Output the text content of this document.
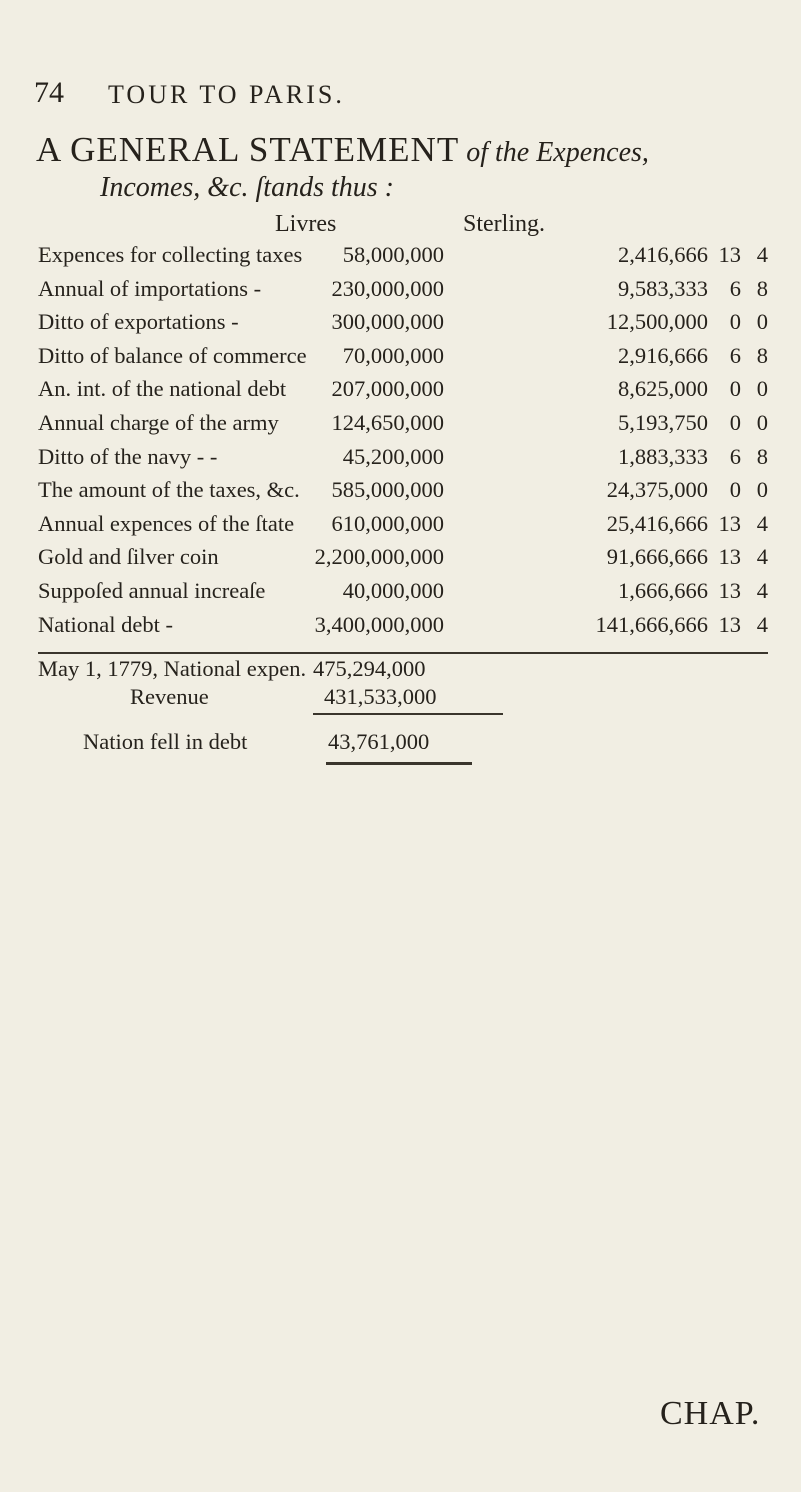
74 TOUR TO PARIS.
A GENERAL STATEMENT of the Expences,
Incomes, &c. ſtands thus :
Livres	Sterling.
Expences for collecting taxes 58,000,000	2,416,666 13 4
Annual of importations -	230,000,000	9,583,333 6 8
Ditto of exportations -	300,000,000	12,500,000 0 0
Ditto of balance of commerce 70,000,000	2,916,666 6 8
An. int. of the national debt 207,000,000	8,625,000 0 0
Annual charge of the army 124,650,000	5,193,750 0 0
Ditto of the navy - -	45,200,000	1,883,333 6 8
The amount of the taxes, &c. 585,000,000	24,375,000 0 0
Annual expences of the ſtate 610,000,000	25,416,666 13 4
Gold and ſilver coin	2,200,000,000	91,666,666 13 4
Suppoſed annual increaſe	40,000,000	1,666,666 13 4
National debt -	3,400,000,000	141,666,666 13 4
May 1, 1779, National expen. 475,294,000
Revenue	431,533,000
Nation fell in debt	43,761,000
CHAP.
